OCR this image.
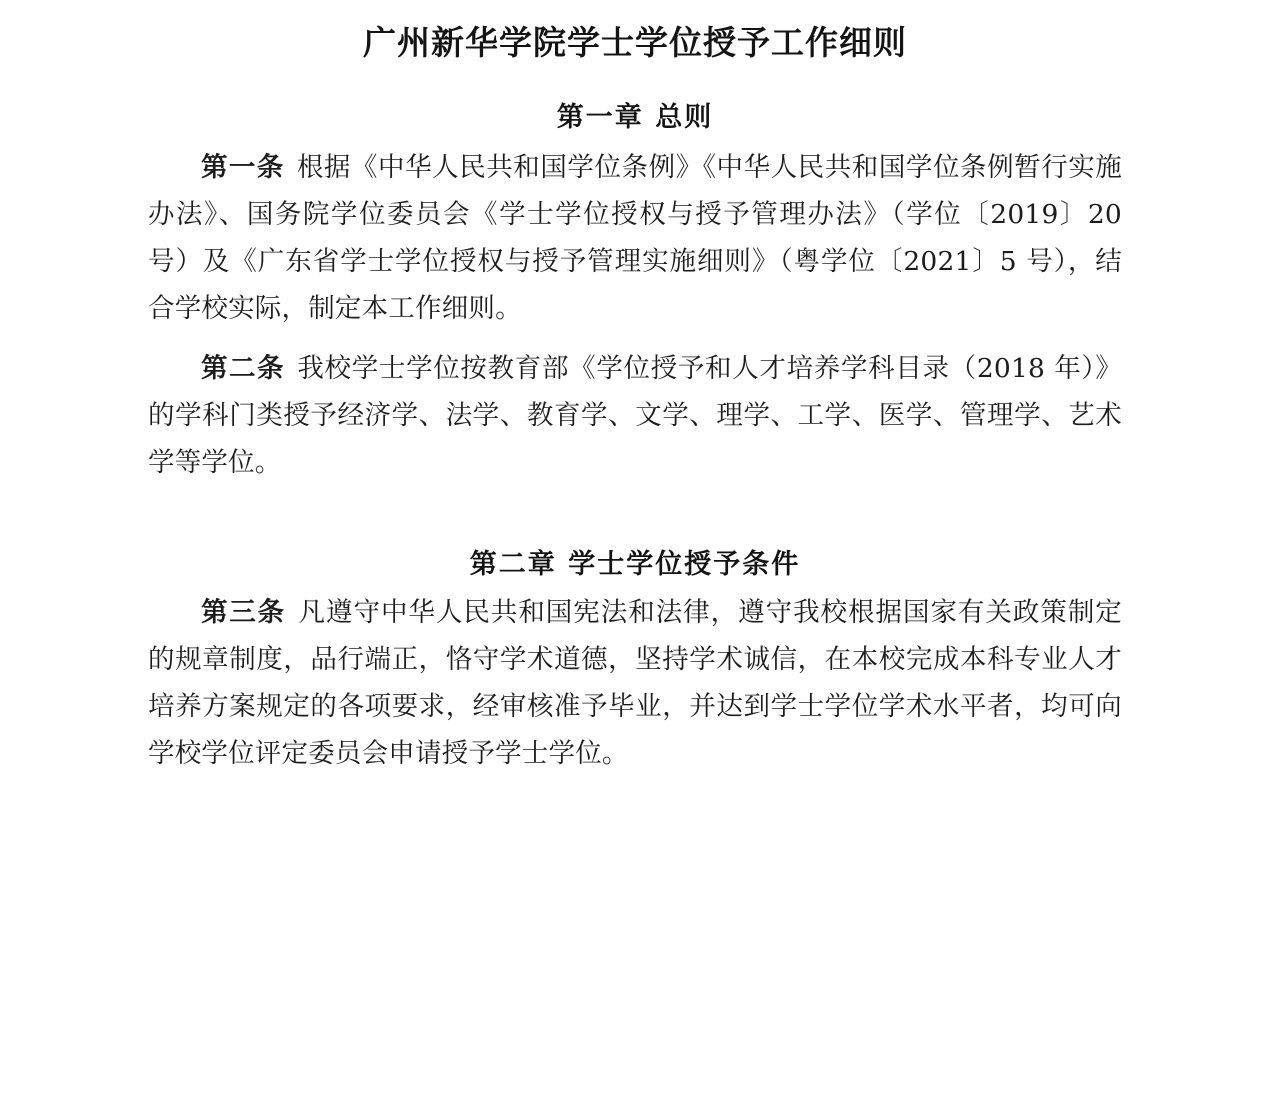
广州新华学院学士学位授予工作细则
第一章 总则

第一条 根据《中华人民共和国学位条例》《中华人民共和国学位条例暂行实施办法》、国务院学位委员会《学士学位授权与授予管理办法》（学位〔2019〕20 号）及《广东省学士学位授权与授予管理实施细则》（粤学位〔2021〕5 号），结合学校实际，制定本工作细则。

第二条 我校学士学位按教育部《学位授予和人才培养学科目录（2018 年）》的学科门类授予经济学、法学、教育学、文学、理学、工学、医学、管理学、艺术学等学位。

第二章 学士学位授予条件

第三条 凡遵守中华人民共和国宪法和法律，遵守我校根据国家有关政策制定的规章制度，品行端正，恪守学术道德，坚持学术诚信，在本校完成本科专业人才培养方案规定的各项要求，经审核准予毕业，并达到学士学位学术水平者，均可向学校学位评定委员会申请授予学士学位。
